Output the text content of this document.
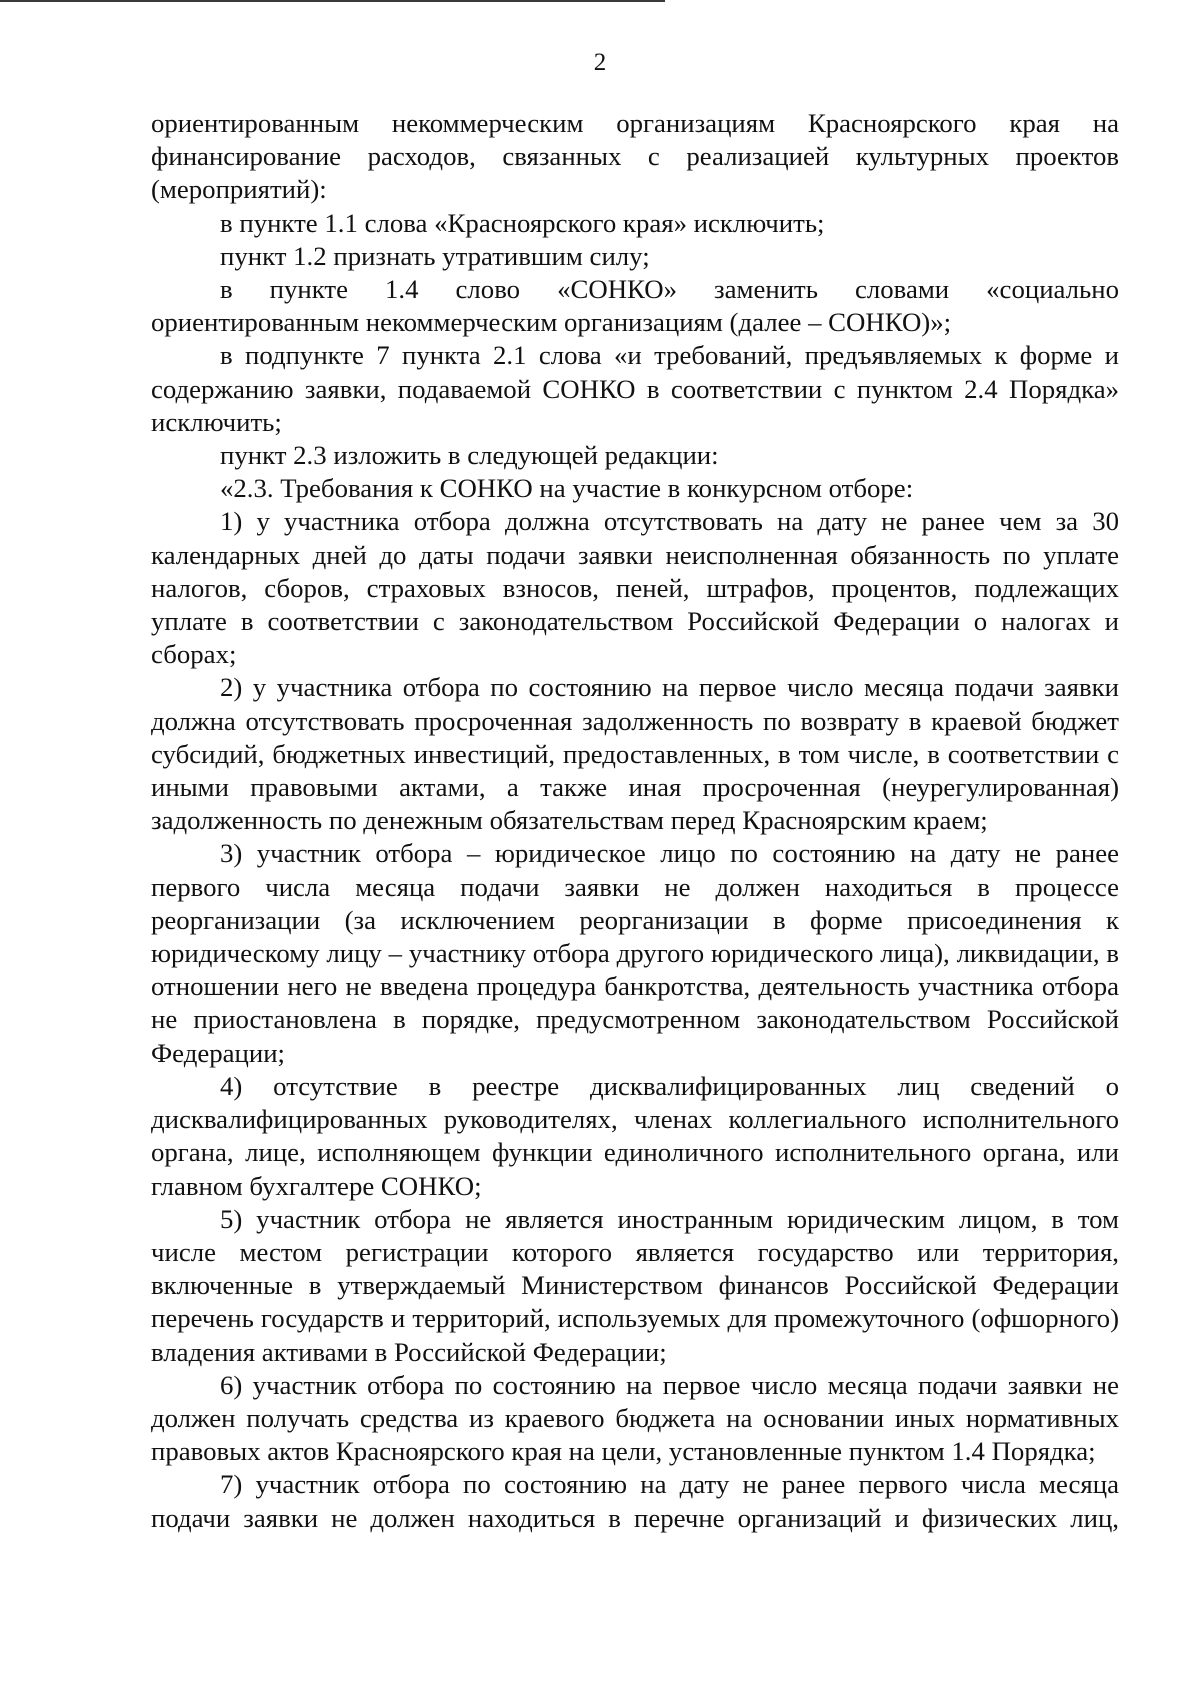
2

ориентированным некоммерческим организациям Красноярского края на финансирование расходов, связанных с реализацией культурных проектов (мероприятий):

в пункте 1.1 слова «Красноярского края» исключить;

пункт 1.2 признать утратившим силу;

в пункте 1.4 слово «СОНКО» заменить словами «социально ориентированным некоммерческим организациям (далее – СОНКО)»;

в подпункте 7 пункта 2.1 слова «и требований, предъявляемых к форме и содержанию заявки, подаваемой СОНКО в соответствии с пунктом 2.4 Порядка» исключить;

пункт 2.3 изложить в следующей редакции:

«2.3. Требования к СОНКО на участие в конкурсном отборе:

1) у участника отбора должна отсутствовать на дату не ранее чем за 30 календарных дней до даты подачи заявки неисполненная обязанность по уплате налогов, сборов, страховых взносов, пеней, штрафов, процентов, подлежащих уплате в соответствии с законодательством Российской Федерации о налогах и сборах;

2) у участника отбора по состоянию на первое число месяца подачи заявки должна отсутствовать просроченная задолженность по возврату в краевой бюджет субсидий, бюджетных инвестиций, предоставленных, в том числе, в соответствии с иными правовыми актами, а также иная просроченная (неурегулированная) задолженность по денежным обязательствам перед Красноярским краем;

3) участник отбора – юридическое лицо по состоянию на дату не ранее первого числа месяца подачи заявки не должен находиться в процессе реорганизации (за исключением реорганизации в форме присоединения к юридическому лицу – участнику отбора другого юридического лица), ликвидации, в отношении него не введена процедура банкротства, деятельность участника отбора не приостановлена в порядке, предусмотренном законодательством Российской Федерации;

4) отсутствие в реестре дисквалифицированных лиц сведений о дисквалифицированных руководителях, членах коллегиального исполнительного органа, лице, исполняющем функции единоличного исполнительного органа, или главном бухгалтере СОНКО;

5) участник отбора не является иностранным юридическим лицом, в том числе местом регистрации которого является государство или территория, включенные в утверждаемый Министерством финансов Российской Федерации перечень государств и территорий, используемых для промежуточного (офшорного) владения активами в Российской Федерации;

6) участник отбора по состоянию на первое число месяца подачи заявки не должен получать средства из краевого бюджета на основании иных нормативных правовых актов Красноярского края на цели, установленные пунктом 1.4 Порядка;

7) участник отбора по состоянию на дату не ранее первого числа месяца подачи заявки не должен находиться в перечне организаций и физических лиц,
